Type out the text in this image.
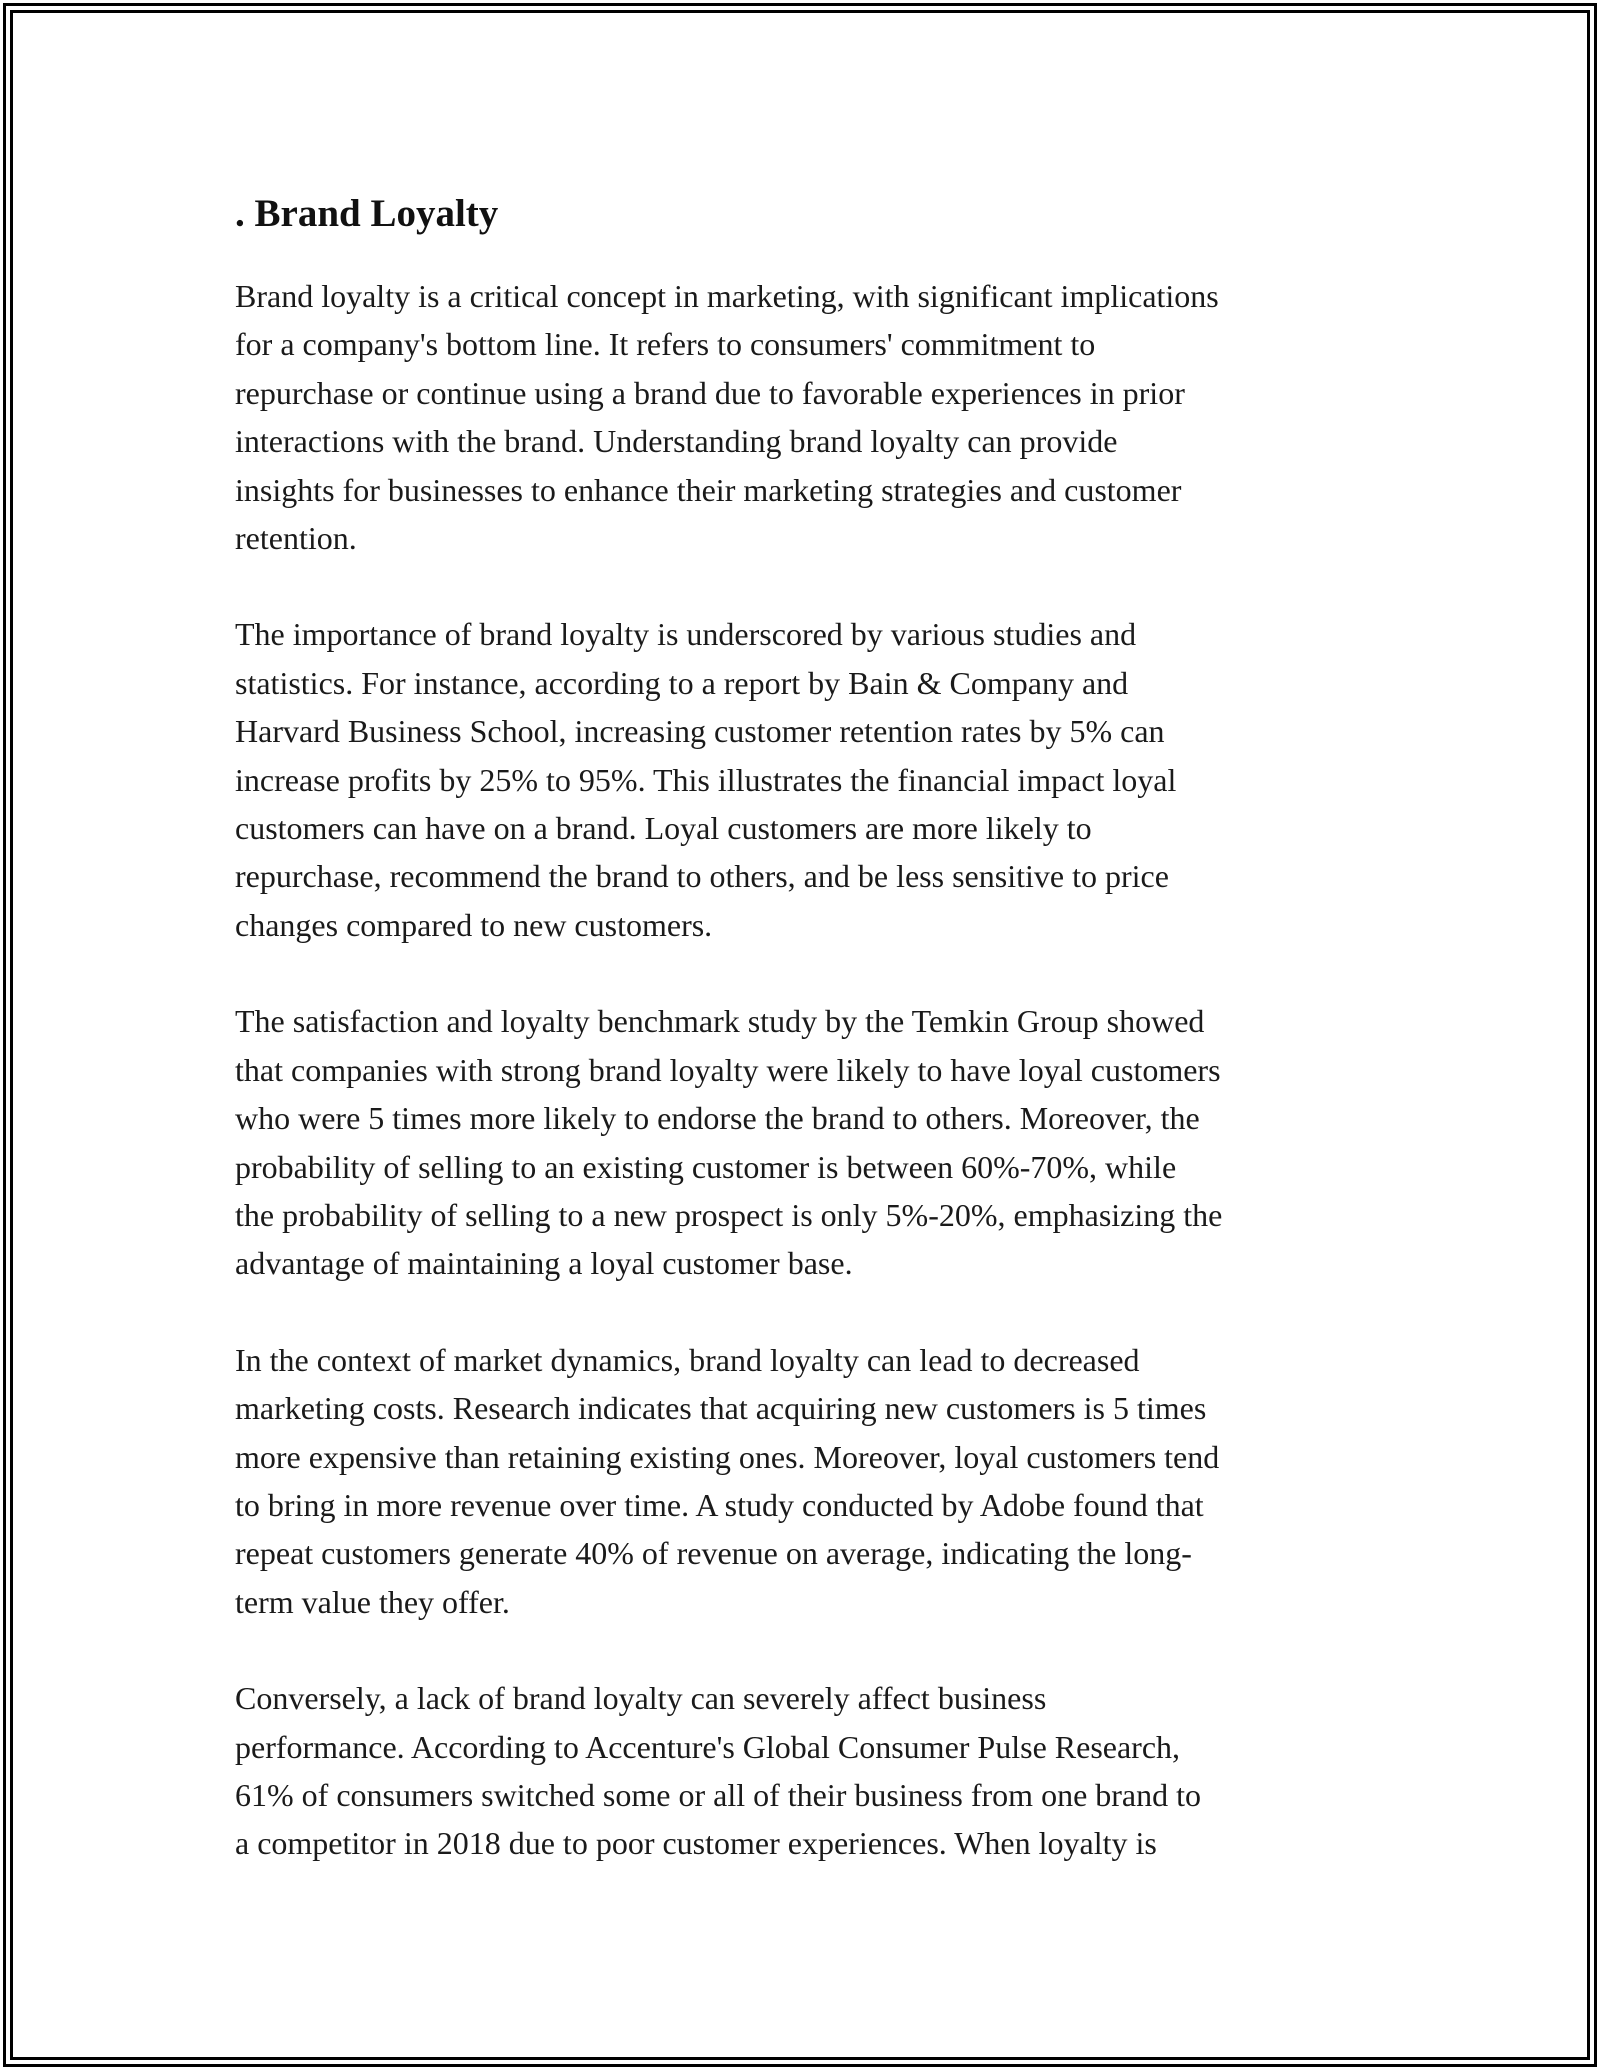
. Brand Loyalty

Brand loyalty is a critical concept in marketing, with significant implications
for a company's bottom line. It refers to consumers' commitment to
repurchase or continue using a brand due to favorable experiences in prior
interactions with the brand. Understanding brand loyalty can provide
insights for businesses to enhance their marketing strategies and customer
retention.

The importance of brand loyalty is underscored by various studies and
statistics. For instance, according to a report by Bain & Company and
Harvard Business School, increasing customer retention rates by 5% can
increase profits by 25% to 95%. This illustrates the financial impact loyal
customers can have on a brand. Loyal customers are more likely to
repurchase, recommend the brand to others, and be less sensitive to price
changes compared to new customers.

The satisfaction and loyalty benchmark study by the Temkin Group showed
that companies with strong brand loyalty were likely to have loyal customers
who were 5 times more likely to endorse the brand to others. Moreover, the
probability of selling to an existing customer is between 60%-70%, while
the probability of selling to a new prospect is only 5%-20%, emphasizing the
advantage of maintaining a loyal customer base.

In the context of market dynamics, brand loyalty can lead to decreased
marketing costs. Research indicates that acquiring new customers is 5 times
more expensive than retaining existing ones. Moreover, loyal customers tend
to bring in more revenue over time. A study conducted by Adobe found that
repeat customers generate 40% of revenue on average, indicating the long-
term value they offer.

Conversely, a lack of brand loyalty can severely affect business
performance. According to Accenture's Global Consumer Pulse Research,
61% of consumers switched some or all of their business from one brand to
a competitor in 2018 due to poor customer experiences. When loyalty is
